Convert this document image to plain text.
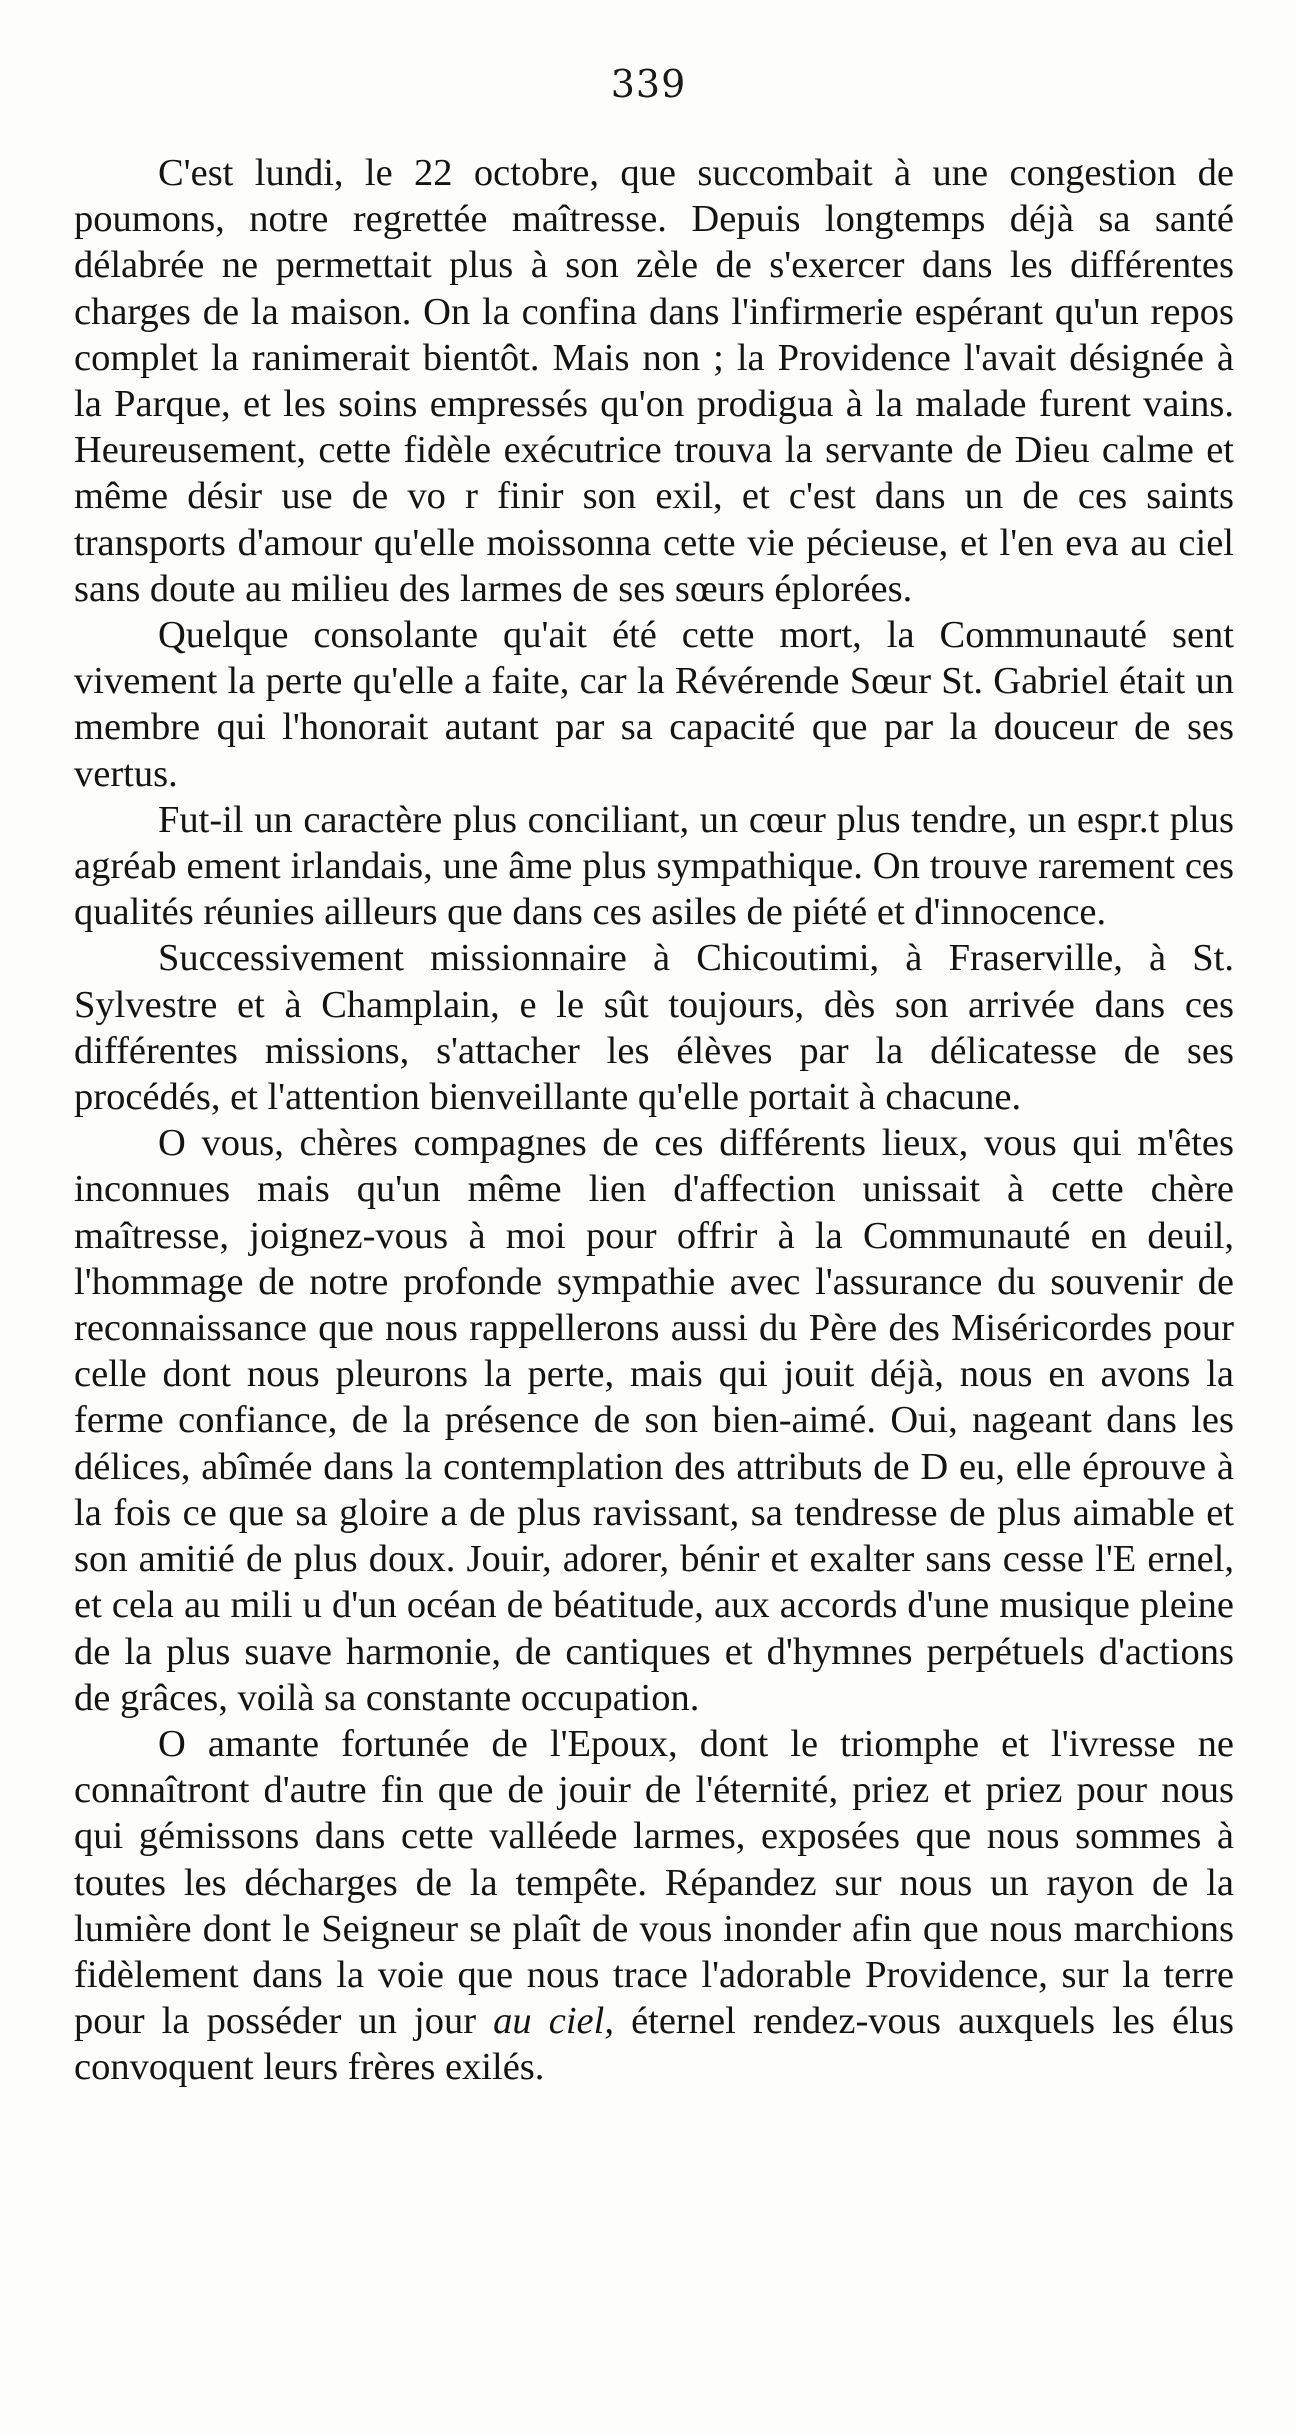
339

C'est lundi, le 22 octobre, que succombait à une congestion de poumons, notre regrettée maîtresse. Depuis longtemps déjà sa santé délabrée ne permettait plus à son zèle de s'exercer dans les différentes charges de la maison. On la confina dans l'infirmerie espérant qu'un repos complet la ranimerait bientôt. Mais non ; la Providence l'avait désignée à la Parque, et les soins empressés qu'on prodigua à la malade furent vains. Heureusement, cette fidèle exécutrice trouva la servante de Dieu calme et même désir use de vo r finir son exil, et c'est dans un de ces saints transports d'amour qu'elle moissonna cette vie pécieuse, et l'en eva au ciel sans doute au milieu des larmes de ses sœurs éplorées.

Quelque consolante qu'ait été cette mort, la Communauté sent vivement la perte qu'elle a faite, car la Révérende Sœur St. Gabriel était un membre qui l'honorait autant par sa capacité que par la douceur de ses vertus.

Fut-il un caractère plus conciliant, un cœur plus tendre, un espr.t plus agréab ement irlandais, une âme plus sympathique. On trouve rarement ces qualités réunies ailleurs que dans ces asiles de piété et d'innocence.

Successivement missionnaire à Chicoutimi, à Fraserville, à St. Sylvestre et à Champlain, e le sût toujours, dès son arrivée dans ces différentes missions, s'attacher les élèves par la délicatesse de ses procédés, et l'attention bienveillante qu'elle portait à chacune.

O vous, chères compagnes de ces différents lieux, vous qui m'êtes inconnues mais qu'un même lien d'affection unissait à cette chère maîtresse, joignez-vous à moi pour offrir à la Communauté en deuil, l'hommage de notre profonde sympathie avec l'assurance du souvenir de reconnaissance que nous rappellerons aussi du Père des Miséricordes pour celle dont nous pleurons la perte, mais qui jouit déjà, nous en avons la ferme confiance, de la présence de son bien-aimé. Oui, nageant dans les délices, abîmée dans la contemplation des attributs de D eu, elle éprouve à la fois ce que sa gloire a de plus ravissant, sa tendresse de plus aimable et son amitié de plus doux. Jouir, adorer, bénir et exalter sans cesse l'E ernel, et cela au mili u d'un océan de béatitude, aux accords d'une musique pleine de la plus suave harmonie, de cantiques et d'hymnes perpétuels d'actions de grâces, voilà sa constante occupation.

O amante fortunée de l'Epoux, dont le triomphe et l'ivresse ne connaîtront d'autre fin que de jouir de l'éternité, priez et priez pour nous qui gémissons dans cette valléede larmes, exposées que nous sommes à toutes les décharges de la tempête. Répandez sur nous un rayon de la lumière dont le Seigneur se plaît de vous inonder afin que nous marchions fidèlement dans la voie que nous trace l'adorable Providence, sur la terre pour la posséder un jour au ciel, éternel rendez-vous auxquels les élus convoquent leurs frères exilés.
